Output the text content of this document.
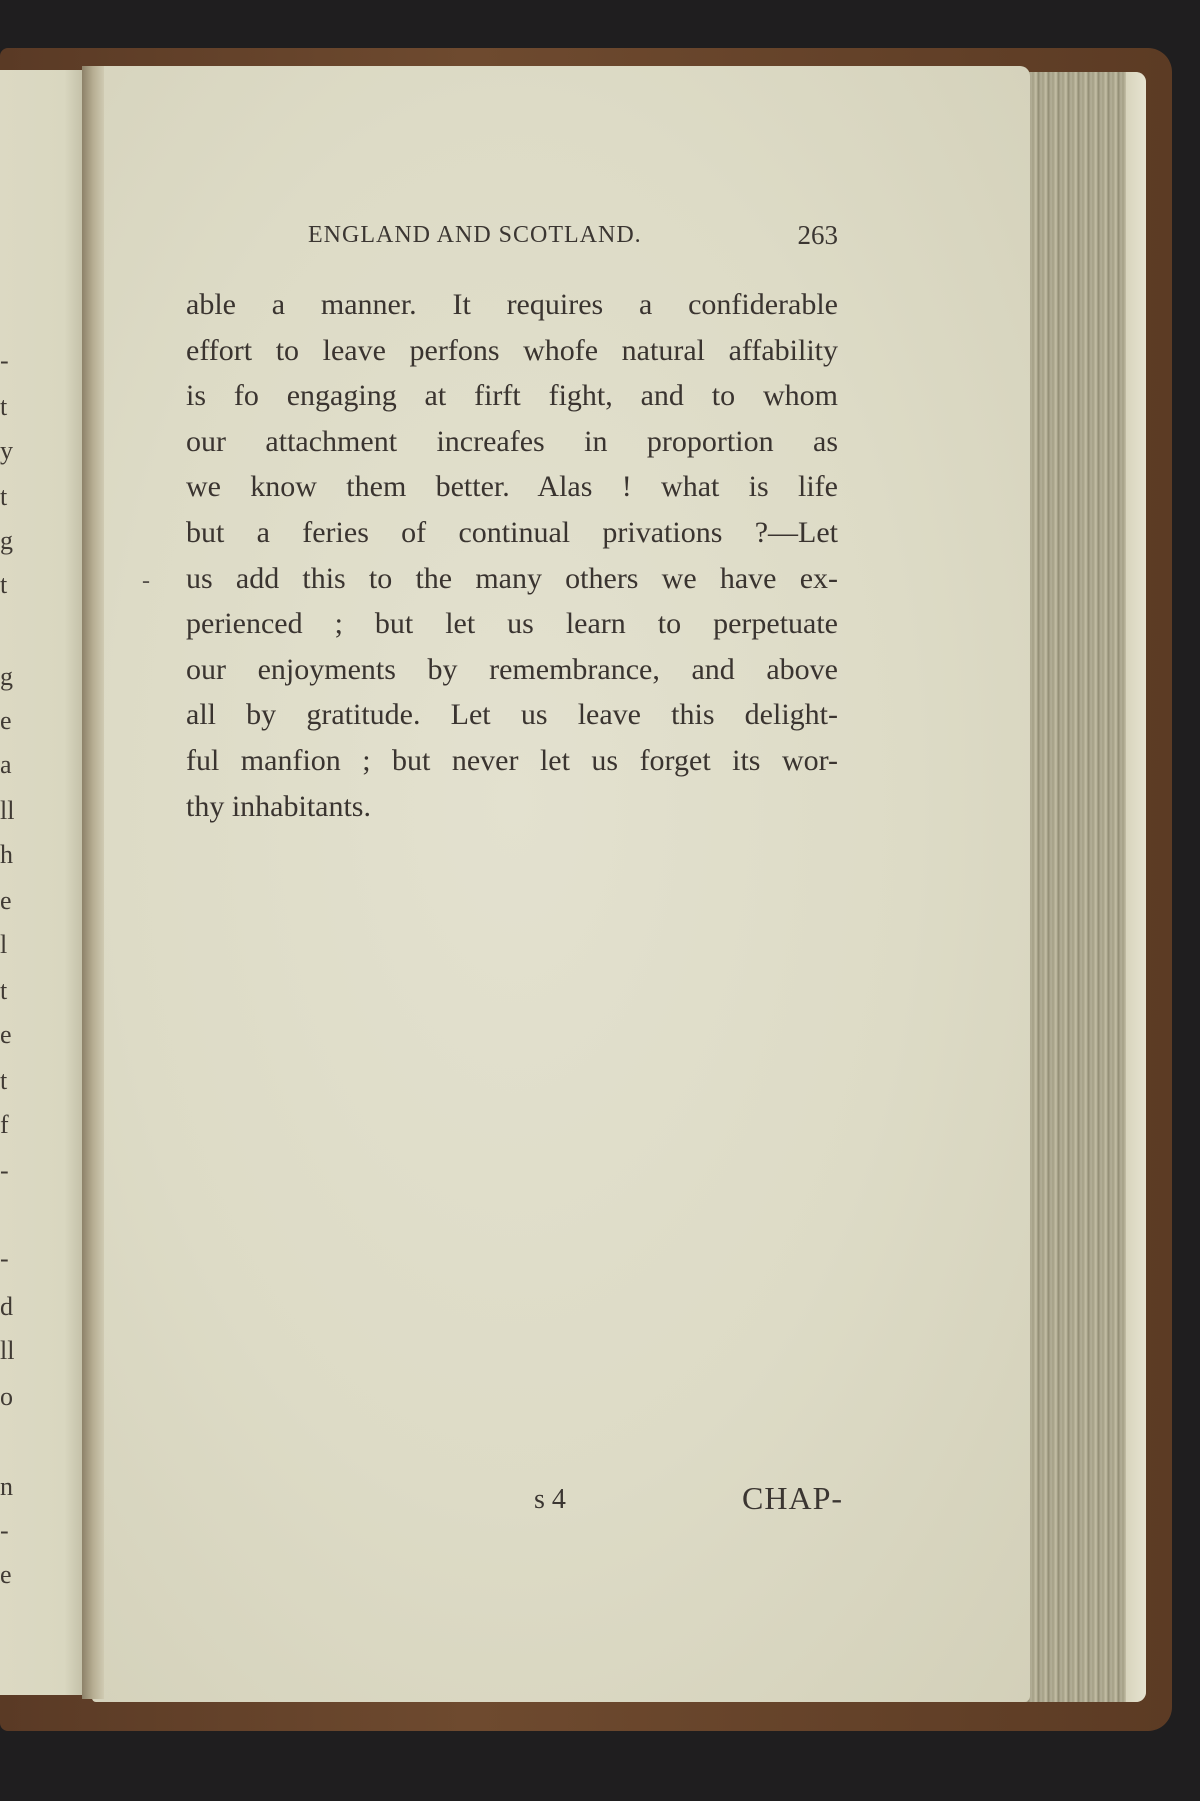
-
t
y
t
g
t
g
e
a
ll
h
e
l
t
e
t
f
-
-
d
ll
o
n
-
e
ENGLAND AND SCOTLAND.	263
-
able a manner. It requires a confiderable
effort to leave perfons whofe natural affability
is fo engaging at firft fight, and to whom
our attachment increafes in proportion as
we know them better. Alas ! what is life
but a feries of continual privations ?—Let
us add this to the many others we have ex-
perienced ; but let us learn to perpetuate
our enjoyments by remembrance, and above
all by gratitude. Let us leave this delight-
ful manfion ; but never let us forget its wor-
thy inhabitants.
s 4	CHAP-
